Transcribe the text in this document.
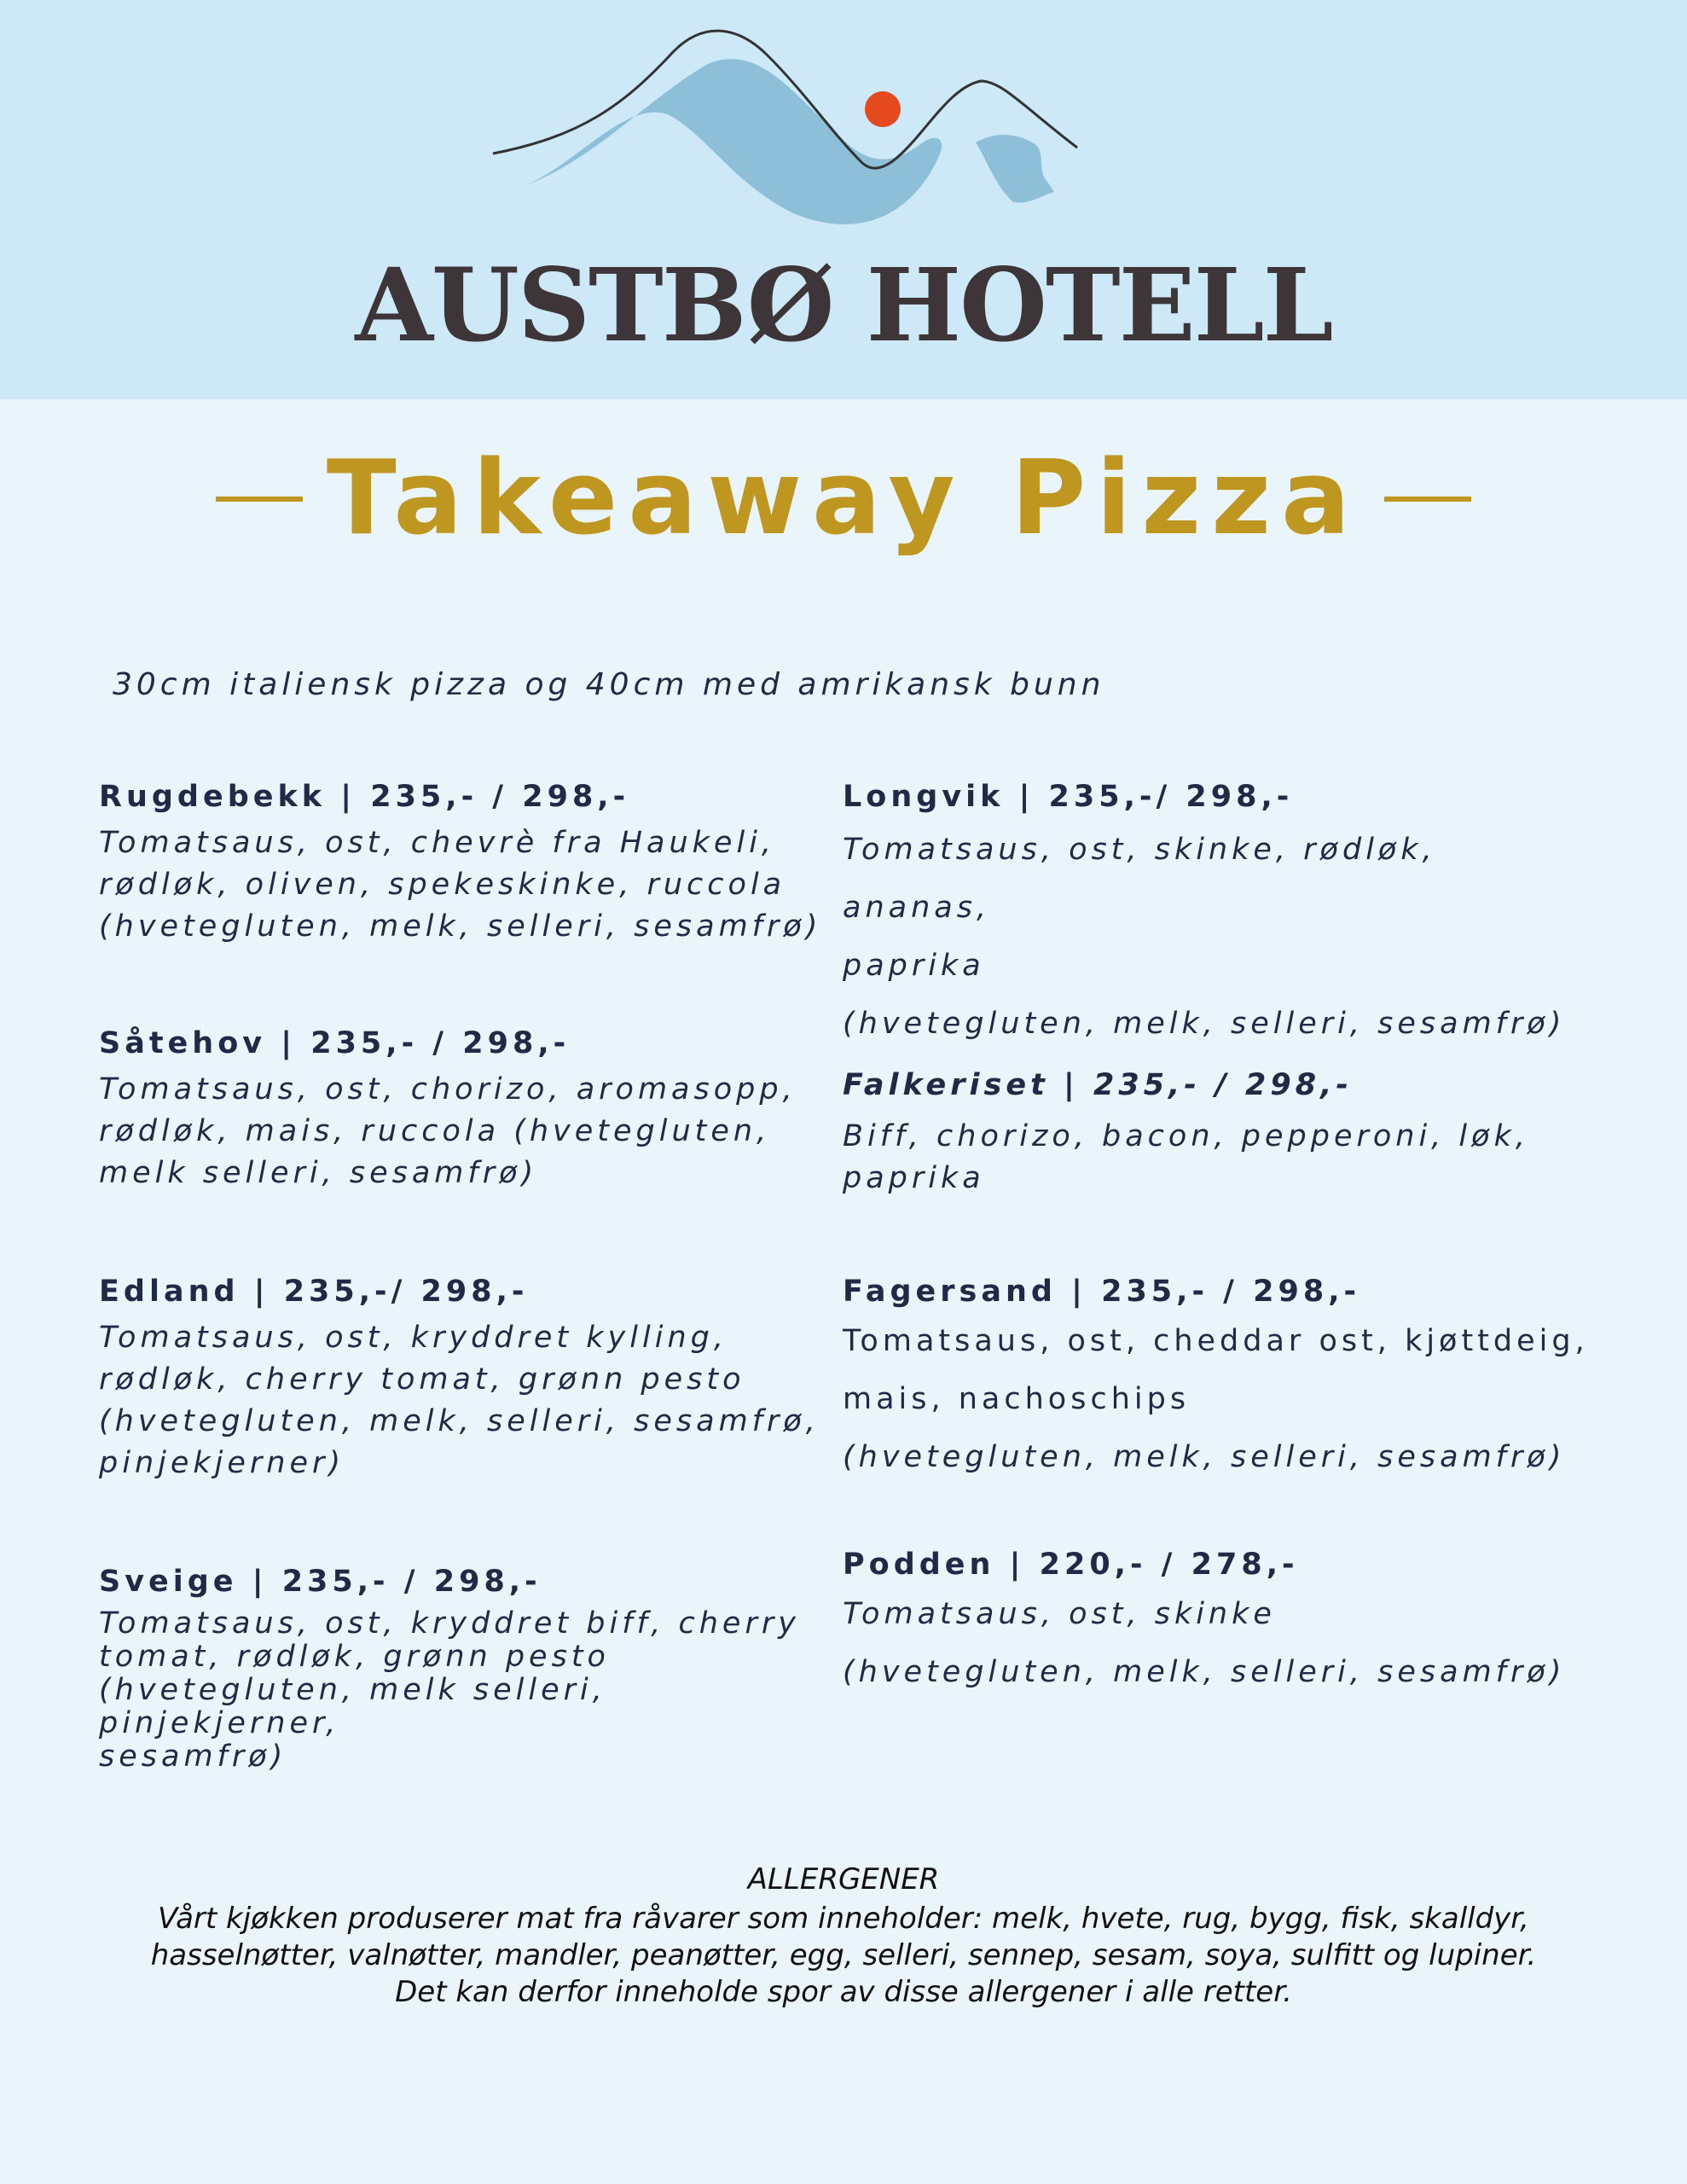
AUSTBØ HOTELL
Takeaway Pizza
30cm italiensk pizza og 40cm med amrikansk bunn
Rugdebekk | 235,- / 298,-
Tomatsaus, ost, chevrè fra Haukeli,
rødløk, oliven, spekeskinke, ruccola
(hvetegluten, melk, selleri, sesamfrø)
Såtehov | 235,- / 298,-
Tomatsaus, ost, chorizo, aromasopp,
rødløk, mais, ruccola (hvetegluten,
melk selleri, sesamfrø)
Edland | 235,-/ 298,-
Tomatsaus, ost, kryddret kylling,
rødløk, cherry tomat, grønn pesto
(hvetegluten, melk, selleri, sesamfrø,
pinjekjerner)
Sveige | 235,- / 298,-
Tomatsaus, ost, kryddret biff, cherry
tomat, rødløk, grønn pesto
(hvetegluten, melk selleri, pinjekjerner,
sesamfrø)
Longvik | 235,-/ 298,-
Tomatsaus, ost, skinke, rødløk, ananas,
paprika
(hvetegluten, melk, selleri, sesamfrø)
Falkeriset | 235,- / 298,-
Biff, chorizo, bacon, pepperoni, løk,
paprika
Fagersand | 235,- / 298,-
Tomatsaus, ost, cheddar ost, kjøttdeig,
mais, nachoschips
(hvetegluten, melk, selleri, sesamfrø)
Podden | 220,- / 278,-
Tomatsaus, ost, skinke
(hvetegluten, melk, selleri, sesamfrø)
ALLERGENER
Vårt kjøkken produserer mat fra råvarer som inneholder: melk, hvete, rug, bygg, fisk, skalldyr,
hasselnøtter, valnøtter, mandler, peanøtter, egg, selleri, sennep, sesam, soya, sulfitt og lupiner.
Det kan derfor inneholde spor av disse allergener i alle retter.
